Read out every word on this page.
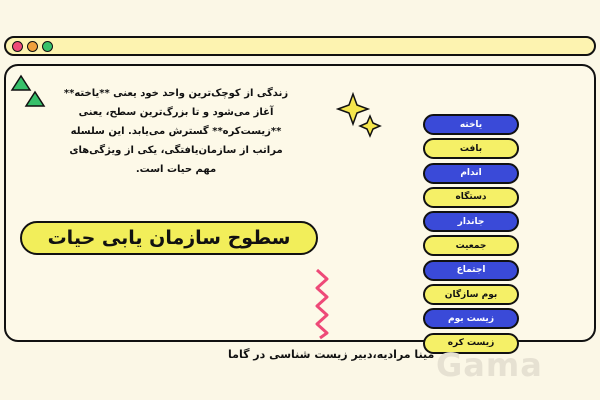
زندگی از کوچک‌ترین واحد خود یعنی **یاخته** آغاز می‌شود و تا بزرگ‌ترین سطح، یعنی **زیست‌کره** گسترش می‌یابد. این سلسله مراتب از سازمان‌یافتگی، یکی از ویژگی‌های مهم حیات است.
سطوح سازمان یابی حیات
یاخته
بافت
اندام
دستگاه
جاندار
جمعیت
اجتماع
بوم سازگان
زیست بوم
زیست کره
مینا مرادیه،دبیر زیست شناسی در گاما Gama
